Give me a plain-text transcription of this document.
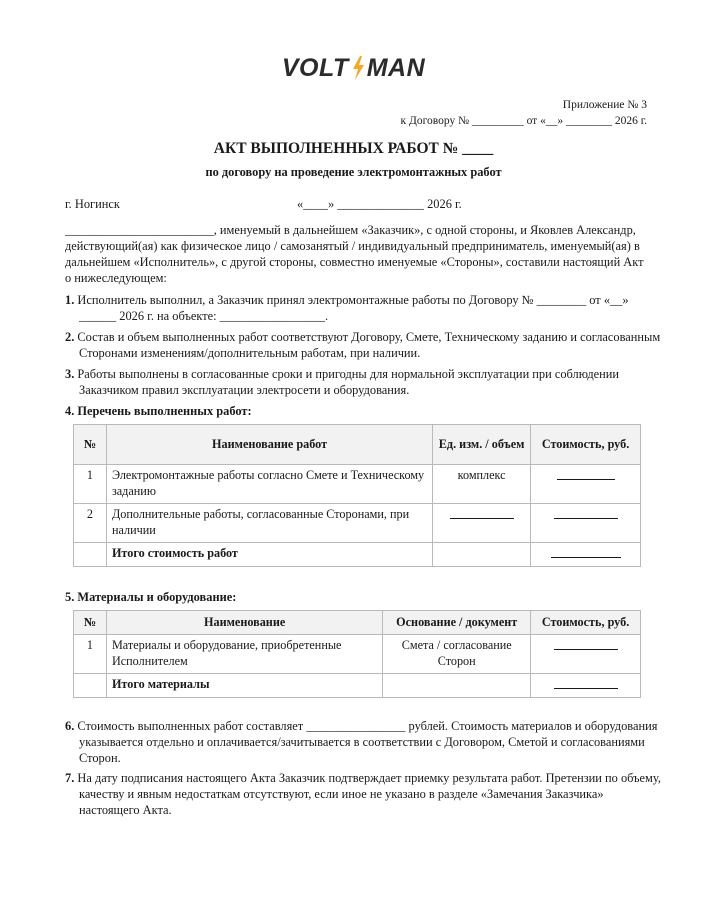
VOLT MAN
Приложение № 3
к Договору № _________ от «__» ________ 2026 г.
АКТ ВЫПОЛНЕННЫХ РАБОТ № ____
по договору на проведение электромонтажных работ
г. Ногинск	«____» ______________ 2026 г.
________________________, именуемый в дальнейшем «Заказчик», с одной стороны, и Яковлев Александр, действующий(ая) как физическое лицо / самозанятый / индивидуальный предприниматель, именуемый(ая) в дальнейшем «Исполнитель», с другой стороны, совместно именуемые «Стороны», составили настоящий Акт о нижеследующем:
1. Исполнитель выполнил, а Заказчик принял электромонтажные работы по Договору № ________ от «__» ______ 2026 г. на объекте: _________________.
2. Состав и объем выполненных работ соответствуют Договору, Смете, Техническому заданию и согласованным Сторонами изменениям/дополнительным работам, при наличии.
3. Работы выполнены в согласованные сроки и пригодны для нормальной эксплуатации при соблюдении Заказчиком правил эксплуатации электросети и оборудования.
4. Перечень выполненных работ:
№	Наименование работ	Ед. изм. / объем	Стоимость, руб.
1	Электромонтажные работы согласно Смете и Техническому заданию	комплекс	
2	Дополнительные работы, согласованные Сторонами, при наличии		
	Итого стоимость работ		
5. Материалы и оборудование:
№	Наименование	Основание / документ	Стоимость, руб.
1	Материалы и оборудование, приобретенные Исполнителем	Смета / согласование Сторон	
	Итого материалы		
6. Стоимость выполненных работ составляет ________________ рублей. Стоимость материалов и оборудования указывается отдельно и оплачивается/зачитывается в соответствии с Договором, Сметой и согласованиями Сторон.
7. На дату подписания настоящего Акта Заказчик подтверждает приемку результата работ. Претензии по объему, качеству и явным недостаткам отсутствуют, если иное не указано в разделе «Замечания Заказчика» настоящего Акта.
